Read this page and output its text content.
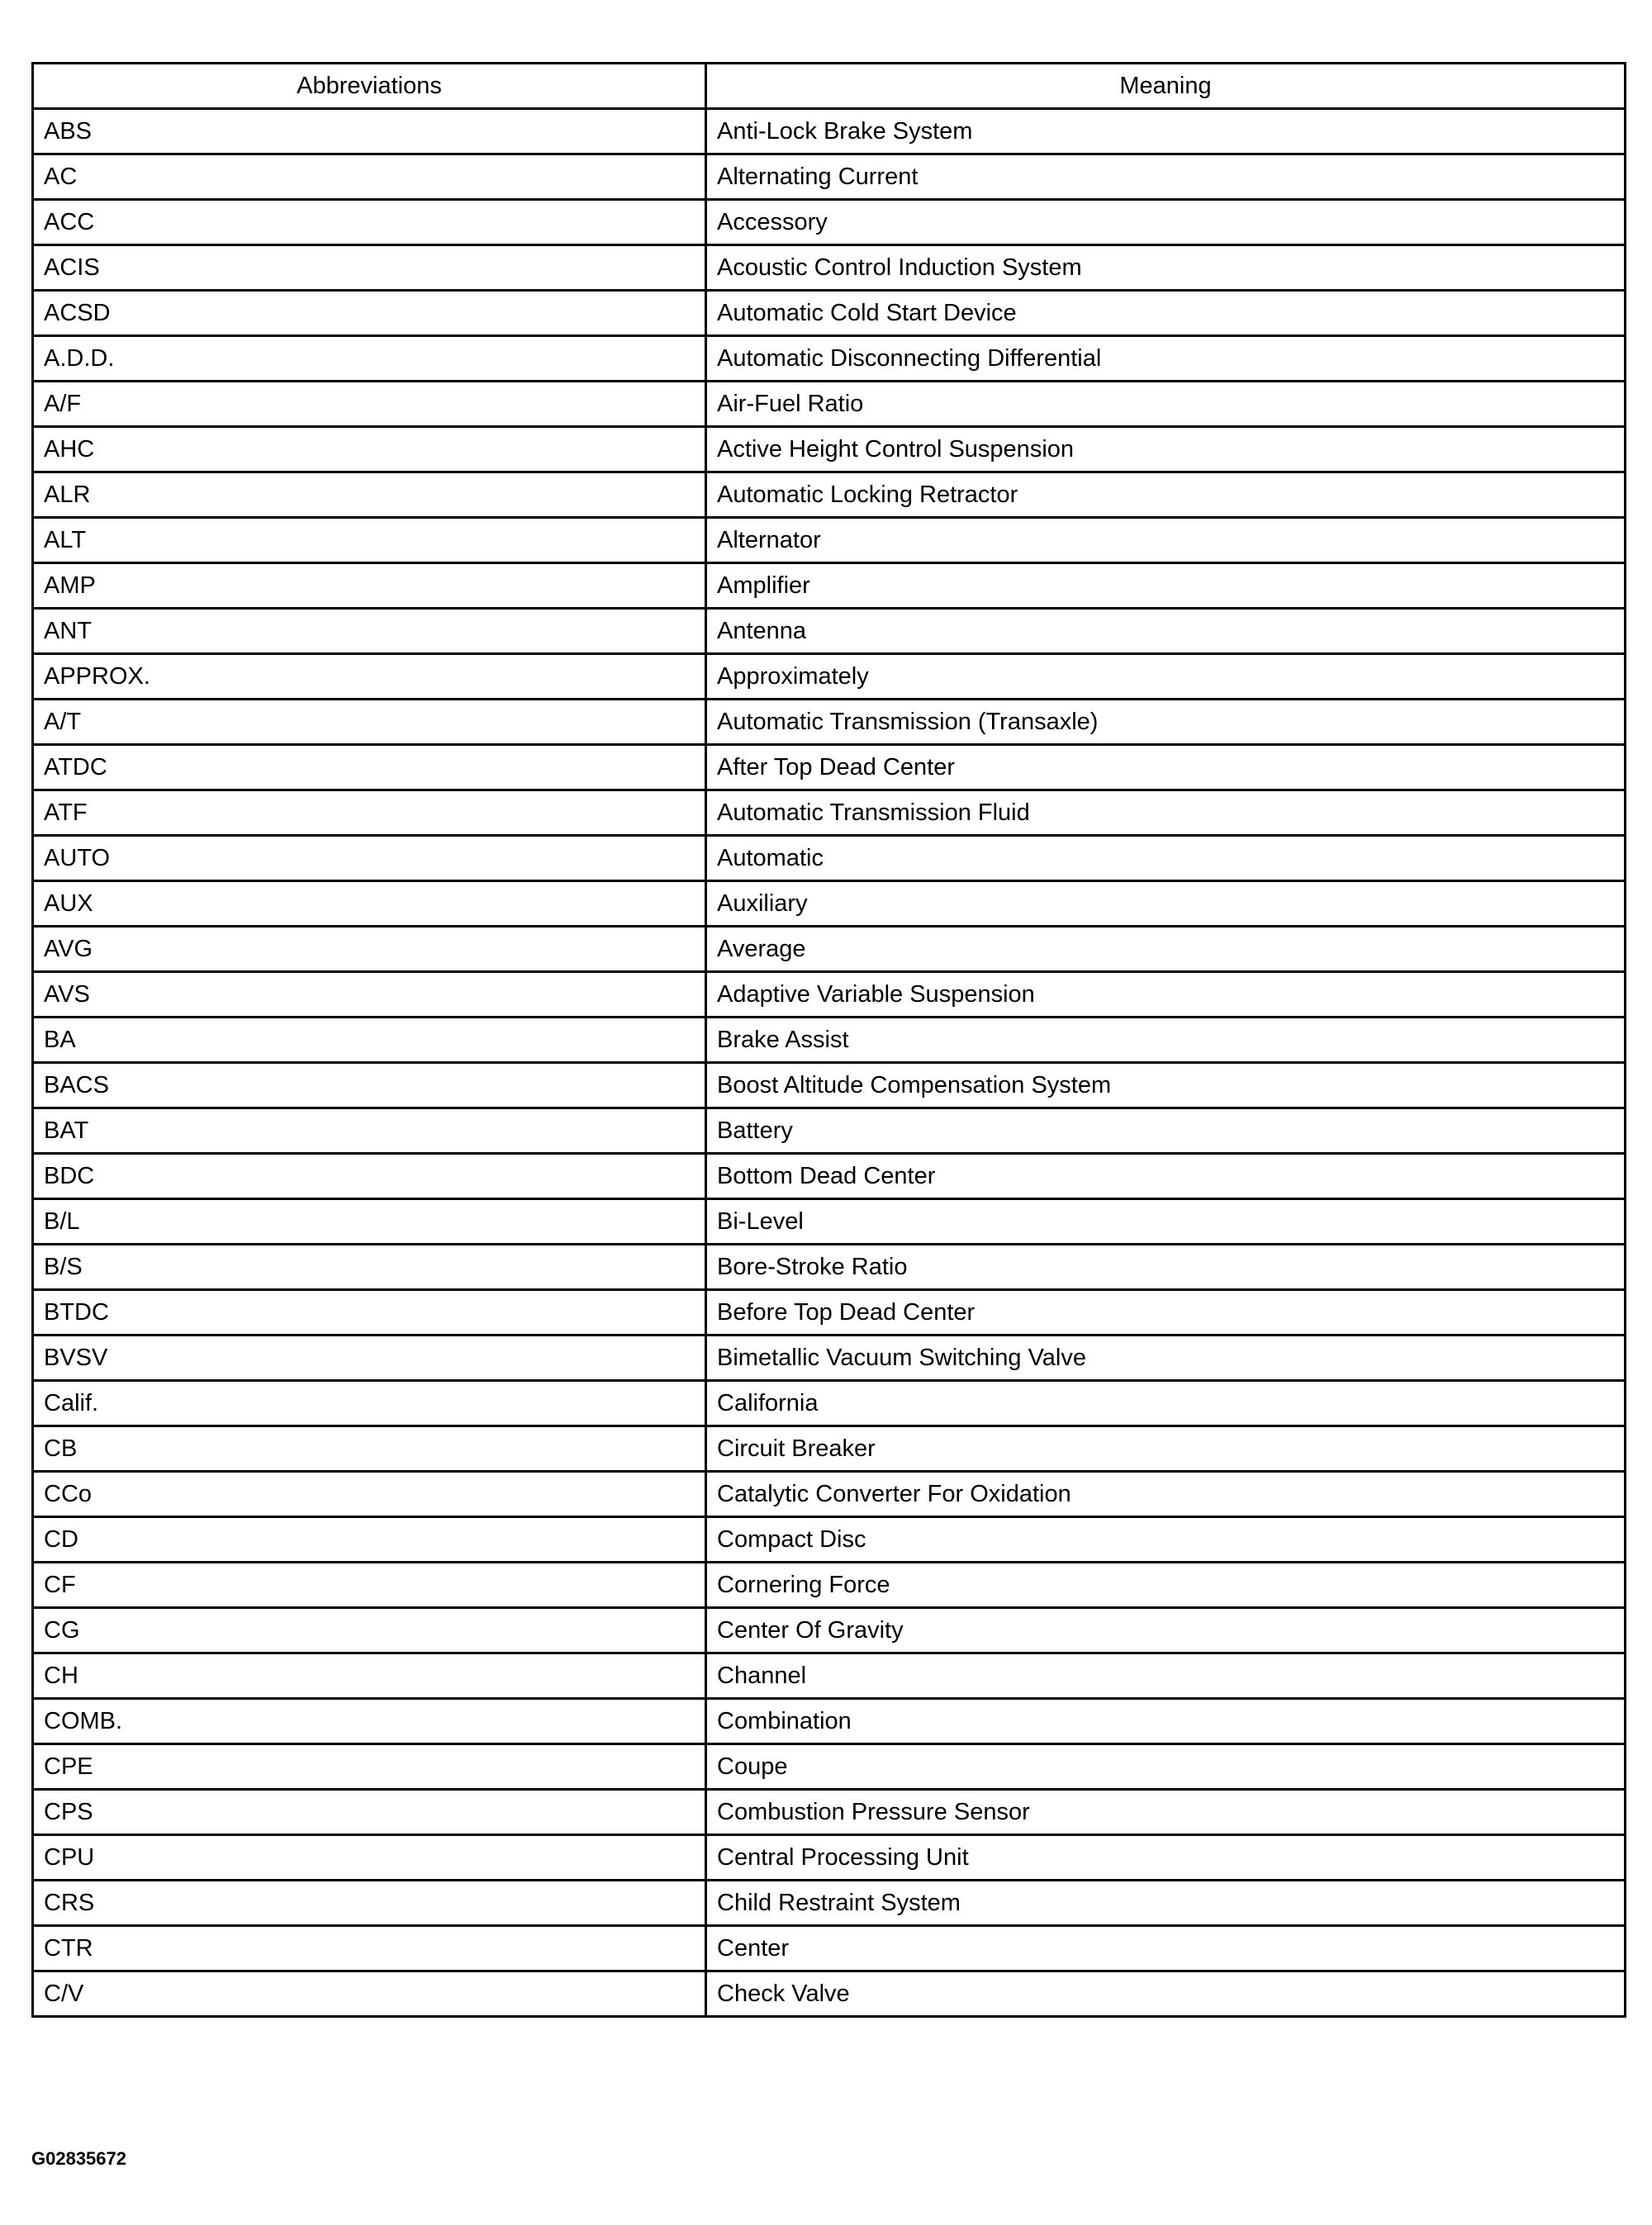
Abbreviations	Meaning
ABS	Anti-Lock Brake System
AC	Alternating Current
ACC	Accessory
ACIS	Acoustic Control Induction System
ACSD	Automatic Cold Start Device
A.D.D.	Automatic Disconnecting Differential
A/F	Air-Fuel Ratio
AHC	Active Height Control Suspension
ALR	Automatic Locking Retractor
ALT	Alternator
AMP	Amplifier
ANT	Antenna
APPROX.	Approximately
A/T	Automatic Transmission (Transaxle)
ATDC	After Top Dead Center
ATF	Automatic Transmission Fluid
AUTO	Automatic
AUX	Auxiliary
AVG	Average
AVS	Adaptive Variable Suspension
BA	Brake Assist
BACS	Boost Altitude Compensation System
BAT	Battery
BDC	Bottom Dead Center
B/L	Bi-Level
B/S	Bore-Stroke Ratio
BTDC	Before Top Dead Center
BVSV	Bimetallic Vacuum Switching Valve
Calif.	California
CB	Circuit Breaker
CCo	Catalytic Converter For Oxidation
CD	Compact Disc
CF	Cornering Force
CG	Center Of Gravity
CH	Channel
COMB.	Combination
CPE	Coupe
CPS	Combustion Pressure Sensor
CPU	Central Processing Unit
CRS	Child Restraint System
CTR	Center
C/V	Check Valve
G02835672
